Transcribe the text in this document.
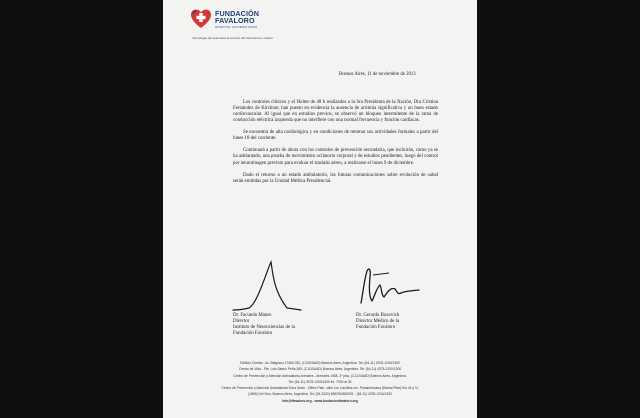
FUNDACIÓN
FAVALORO
HOSPITAL UNIVERSITARIO
Tecnología de avanzada al servicio del humanismo médico
Buenos Aires, 11 de noviembre de 2013

Los controles clínicos y el Holter de 48 h realizados a la Sra Presidenta de la Nación, Dra Cristina Fernández de Kirchner, han puesto en evidencia la ausencia de arritmia significativa y un buen estado cardiovascular. Al igual que en estudios previos, se observó un bloqueo intermitente de la rama de conducción eléctrica izquierda que no interfiere con una normal frecuencia y función cardíacas.

Se encuentra de alta cardiológica y en condiciones de retomar sus actividades formales a partir del lunes 18 del corriente.

Continuará a partir de ahora con los controles de prevención secundaria, que incluirán, como ya se ha adelantado, una prueba de movimiento ocilatorio corporal y de estudios pendientes, luego del control por neuroimagen previsto para evaluar el traslado aéreo, a realizarse el lunes 9 de diciembre.

Dado el retorno a un estado ambulatorio, las futuras comunicaciones sobre evolución de salud serán emitidas por la Unidad Médica Presidencial.

Dr. Facundo Manes
Director
Instituto de Neurociencias de la
Fundación Favaloro
Dr. Gerardo Bozovich
Director Médico de la
Fundación Favaloro
Edificio Central - Av. Belgrano 1746/1782, (C1093AAS) Buenos Aires, Argentina. Tel: (54-11) 4378-1200/1300
Centro de Vida - Pte. Luis Sáenz Peña 265, (C1110AAD) Buenos Aires, Argentina. Tel: (54-11) 4378-1200/1300
Centro de Prevención y Atención Ambulatoria Arenales - Arenales 1938, 3º piso, (C1124AAD) Buenos Aires, Argentina.
Tel: (54-11) 4378-1200/1300 int. 7930 al 32
Centro de Prevención y Atención Ambulatoria Zona Norte - Office Park, calle Los Cachilos s/n, Panamericana (Ramal Pilar) Km 42 y ½,
(1669) Del Viso, Buenos Aires, Argentina. Tel: (54-2320) 650290/650291 - (54-11) 4378-1200/1300
info@ffavaloro.org - www.fundacionfavaloro.org
